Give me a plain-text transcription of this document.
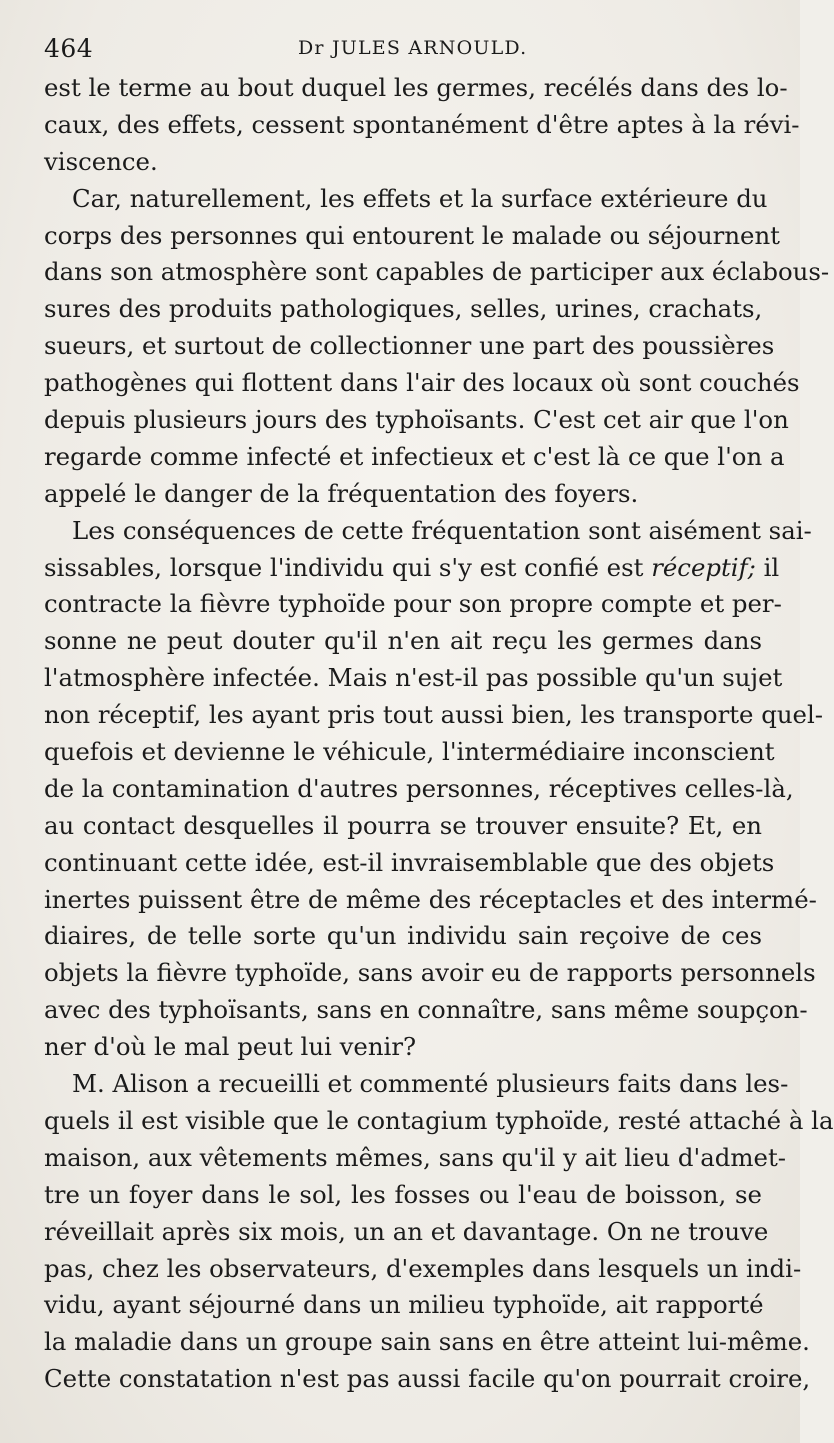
464	Dr JULES ARNOULD.
est le terme au bout duquel les germes, recélés dans des lo-
caux, des effets, cessent spontanément d'être aptes à la révi-
viscence.
Car, naturellement, les effets et la surface extérieure du
corps des personnes qui entourent le malade ou séjournent
dans son atmosphère sont capables de participer aux éclabous-
sures des produits pathologiques, selles, urines, crachats,
sueurs, et surtout de collectionner une part des poussières
pathogènes qui flottent dans l'air des locaux où sont couchés
depuis plusieurs jours des typhoïsants. C'est cet air que l'on
regarde comme infecté et infectieux et c'est là ce que l'on a
appelé le danger de la fréquentation des foyers.
Les conséquences de cette fréquentation sont aisément sai-
sissables, lorsque l'individu qui s'y est confié est réceptif; il
contracte la fièvre typhoïde pour son propre compte et per-
sonne ne peut douter qu'il n'en ait reçu les germes dans
l'atmosphère infectée. Mais n'est-il pas possible qu'un sujet
non réceptif, les ayant pris tout aussi bien, les transporte quel-
quefois et devienne le véhicule, l'intermédiaire inconscient
de la contamination d'autres personnes, réceptives celles-là,
au contact desquelles il pourra se trouver ensuite? Et, en
continuant cette idée, est-il invraisemblable que des objets
inertes puissent être de même des réceptacles et des intermé-
diaires, de telle sorte qu'un individu sain reçoive de ces
objets la fièvre typhoïde, sans avoir eu de rapports personnels
avec des typhoïsants, sans en connaître, sans même soupçon-
ner d'où le mal peut lui venir?
M. Alison a recueilli et commenté plusieurs faits dans les-
quels il est visible que le contagium typhoïde, resté attaché à la
maison, aux vêtements mêmes, sans qu'il y ait lieu d'admet-
tre un foyer dans le sol, les fosses ou l'eau de boisson, se
réveillait après six mois, un an et davantage. On ne trouve
pas, chez les observateurs, d'exemples dans lesquels un indi-
vidu, ayant séjourné dans un milieu typhoïde, ait rapporté
la maladie dans un groupe sain sans en être atteint lui-même.
Cette constatation n'est pas aussi facile qu'on pourrait croire,
